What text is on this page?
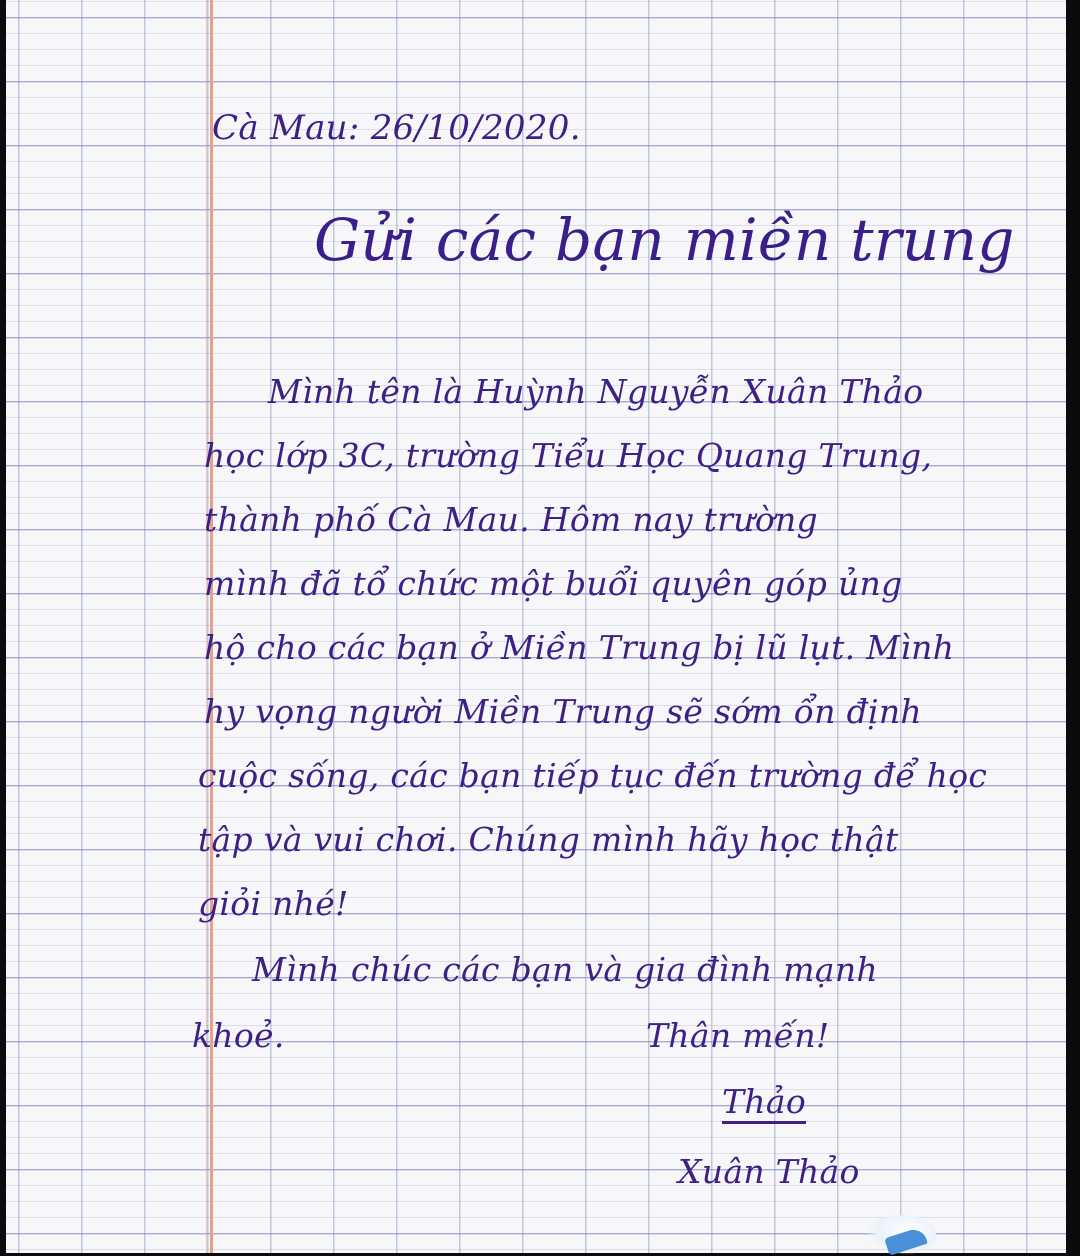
Cà Mau: 26/10/2020.

Gửi các bạn miền trung

Mình tên là Huỳnh Nguyễn Xuân Thảo

học lớp 3C, trường Tiểu Học Quang Trung,

thành phố Cà Mau. Hôm nay trường

mình đã tổ chức một buổi quyên góp ủng

hộ cho các bạn ở Miền Trung bị lũ lụt. Mình

hy vọng người Miền Trung sẽ sớm ổn định

cuộc sống, các bạn tiếp tục đến trường để học

tập và vui chơi. Chúng mình hãy học thật

giỏi nhé!

Mình chúc các bạn và gia đình mạnh

khoẻ.	Thân mến!

Thảo

Xuân Thảo
